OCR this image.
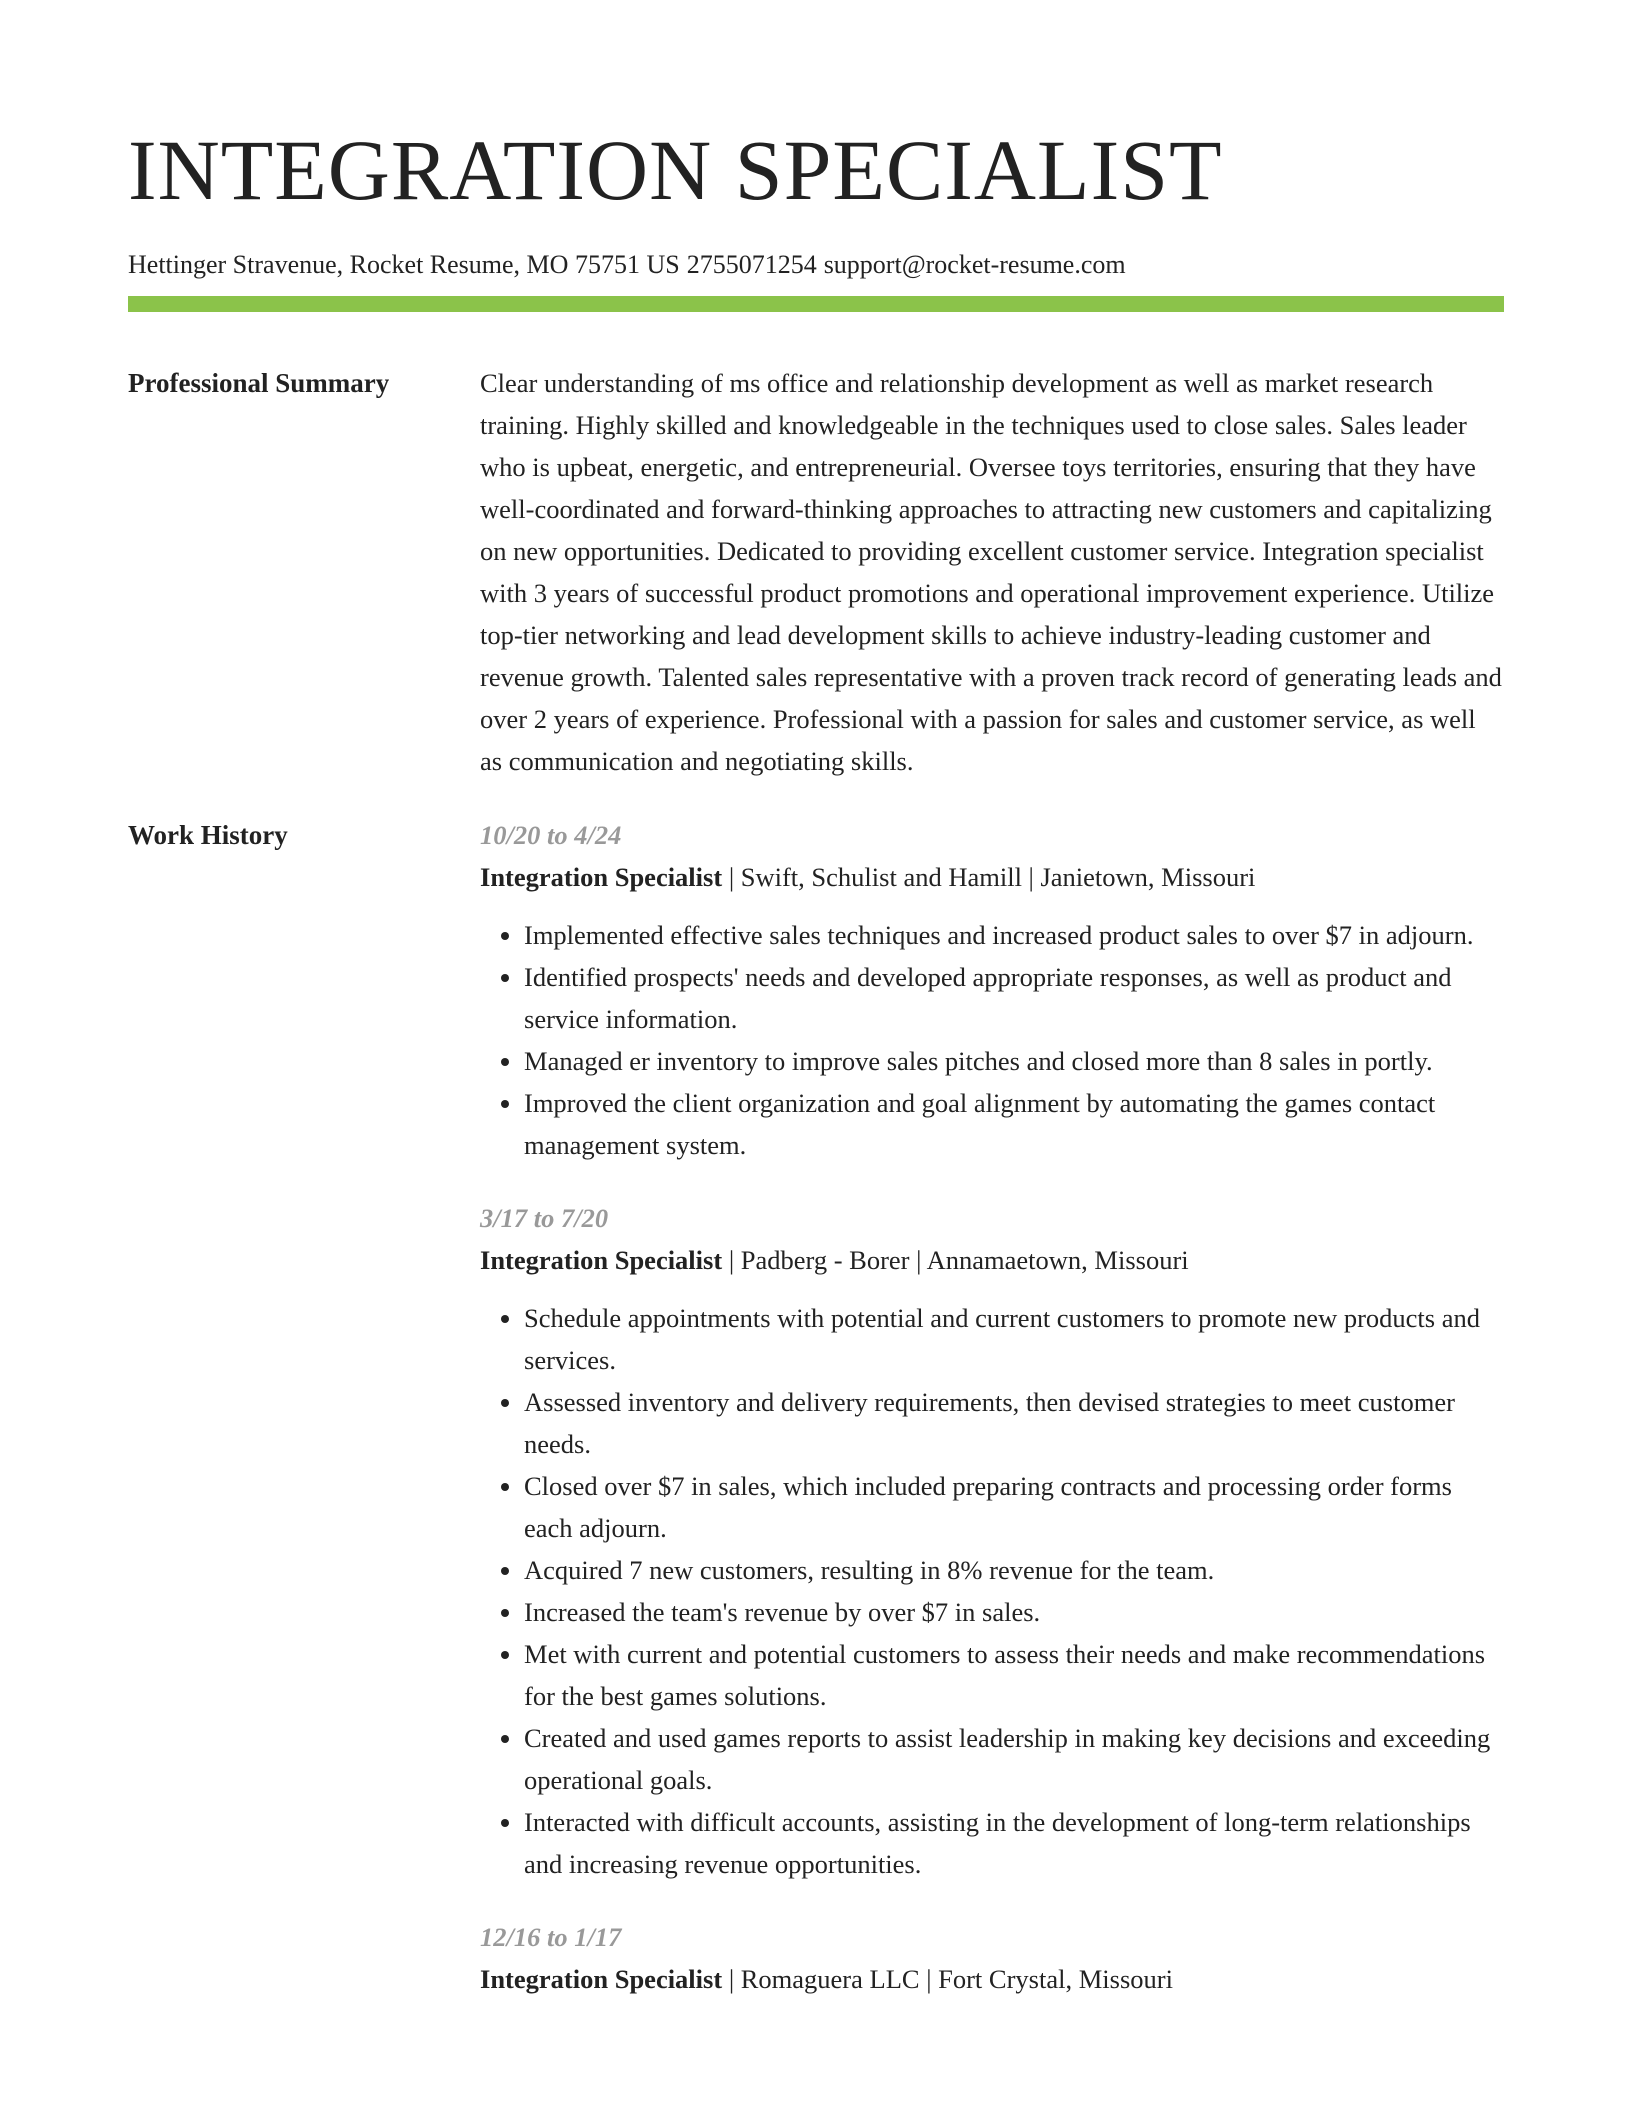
INTEGRATION SPECIALIST
Hettinger Stravenue, Rocket Resume, MO 75751 US 2755071254 support@rocket-resume.com
Professional Summary	Clear understanding of ms office and relationship development as well as market research training. Highly skilled and knowledgeable in the techniques used to close sales. Sales leader who is upbeat, energetic, and entrepreneurial. Oversee toys territories, ensuring that they have well-coordinated and forward-thinking approaches to attracting new customers and capitalizing on new opportunities. Dedicated to providing excellent customer service. Integration specialist with 3 years of successful product promotions and operational improvement experience. Utilize top-tier networking and lead development skills to achieve industry-leading customer and revenue growth. Talented sales representative with a proven track record of generating leads and over 2 years of experience. Professional with a passion for sales and customer service, as well as communication and negotiating skills.

Work History	10/20 to 4/24
Integration Specialist | Swift, Schulist and Hamill | Janietown, Missouri
• Implemented effective sales techniques and increased product sales to over $7 in adjourn.
• Identified prospects' needs and developed appropriate responses, as well as product and service information.
• Managed er inventory to improve sales pitches and closed more than 8 sales in portly.
• Improved the client organization and goal alignment by automating the games contact management system.
3/17 to 7/20
Integration Specialist | Padberg - Borer | Annamaetown, Missouri
• Schedule appointments with potential and current customers to promote new products and services.
• Assessed inventory and delivery requirements, then devised strategies to meet customer needs.
• Closed over $7 in sales, which included preparing contracts and processing order forms each adjourn.
• Acquired 7 new customers, resulting in 8% revenue for the team.
• Increased the team's revenue by over $7 in sales.
• Met with current and potential customers to assess their needs and make recommendations for the best games solutions.
• Created and used games reports to assist leadership in making key decisions and exceeding operational goals.
• Interacted with difficult accounts, assisting in the development of long-term relationships and increasing revenue opportunities.
12/16 to 1/17
Integration Specialist | Romaguera LLC | Fort Crystal, Missouri
